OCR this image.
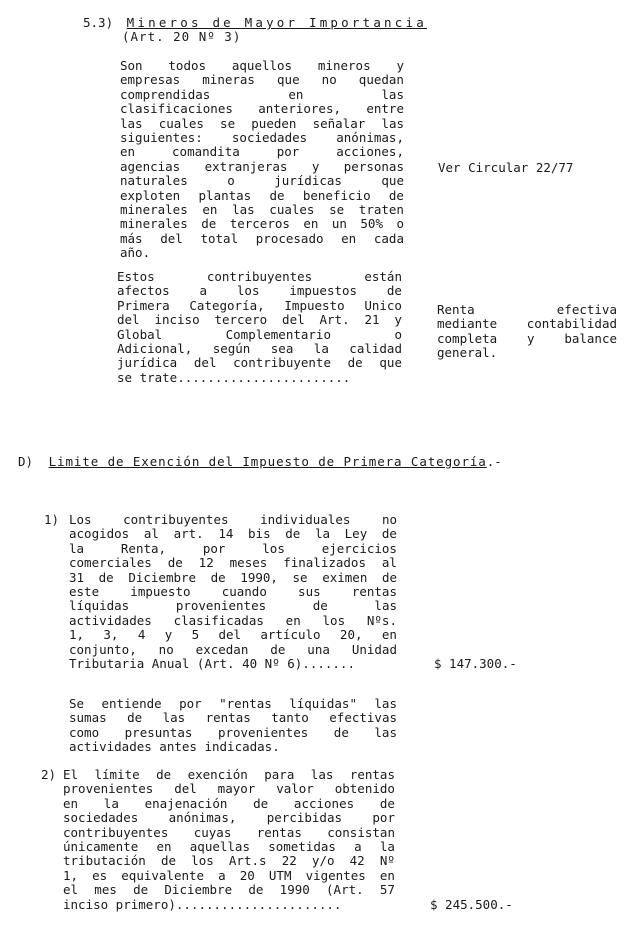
5.3) Mineros de Mayor Importancia
(Art. 20 Nº 3)
Son todos aquellos mineros y
empresas mineras que no quedan
comprendidas	en	las
clasificaciones anteriores, entre
las cuales se pueden señalar las
siguientes: sociedades anónimas,
en	comandita	por	acciones,
agencias extranjeras y personas
naturales	o	jurídicas	que
exploten plantas de beneficio de
minerales en las cuales se traten
minerales de terceros en un 50% o
más del total procesado en cada
año.
Ver Circular 22/77
Estos	contribuyentes	están
afectos a los impuestos de
Primera Categoría, Impuesto Unico
del inciso tercero del Art. 21 y
Global	Complementario	o
Adicional, según sea la calidad
jurídica del contribuyente de que
se trate.......................
Renta	efectiva
mediante contabilidad
completa y balance
general.
D) Limite de Exención del Impuesto de Primera Categoría.-
1) Los	contribuyentes	individuales	no
acogidos al art. 14 bis de la Ley de
la	Renta,	por	los	ejercicios
comerciales de 12 meses finalizados al
31 de Diciembre de 1990, se eximen de
este impuesto cuando sus rentas
líquidas	provenientes	de	las
actividades clasificadas en los Nºs.
1, 3, 4 y 5 del artículo 20, en
conjunto, no excedan de una Unidad
Tributaria Anual (Art. 40 Nº 6).......	$ 147.300.-
Se entiende por "rentas líquidas" las
sumas de las rentas tanto efectivas
como presuntas provenientes de las
actividades antes indicadas.
2) El límite de exención para las rentas
provenientes del mayor valor obtenido
en la enajenación de acciones de
sociedades anónimas, percibidas por
contribuyentes cuyas rentas consistan
únicamente en aquellas sometidas a la
tributación de los Art.s 22 y/o 42 Nº
1, es equivalente a 20 UTM vigentes en
el mes de Diciembre de 1990 (Art. 57
inciso primero)......................	$ 245.500.-
